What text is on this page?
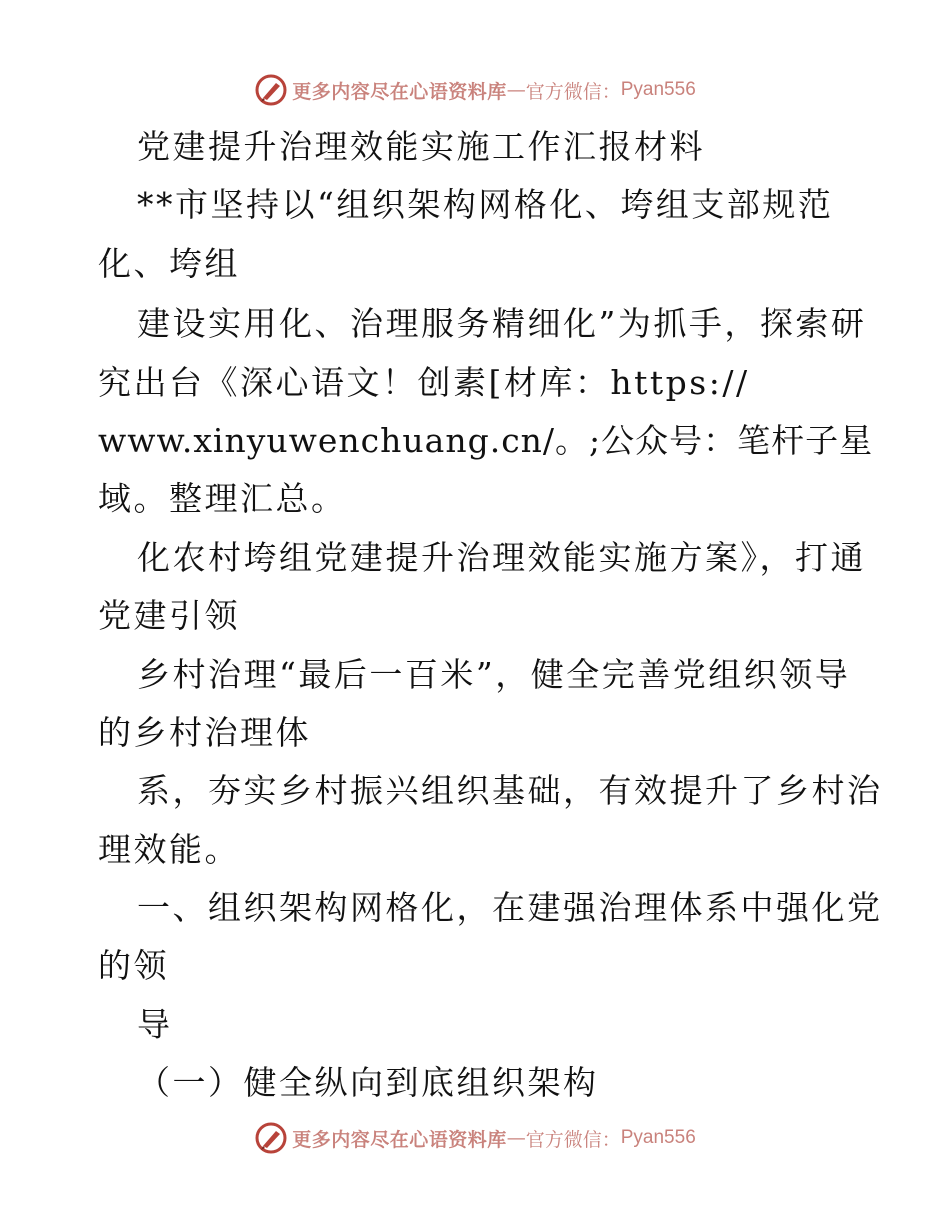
更多内容尽在心语资料库 — 官方微信： Pyan556
党建提升治理效能实施工作汇报材料
**市坚持以“组织架构网格化、垮组支部规范
化、垮组
建设实用化、治理服务精细化”为抓手，探索研
究出台《深心语文！创素[材库：https://
www.xinyuwenchuang.cn/。;公众号：笔杆子星
域。整理汇总。
化农村垮组党建提升治理效能实施方案》，打通
党建引领
乡村治理“最后一百米”，健全完善党组织领导
的乡村治理体
系，夯实乡村振兴组织基础，有效提升了乡村治
理效能。
一、组织架构网格化，在建强治理体系中强化党
的领
导
（一）健全纵向到底组织架构
更多内容尽在心语资料库 — 官方微信： Pyan556
